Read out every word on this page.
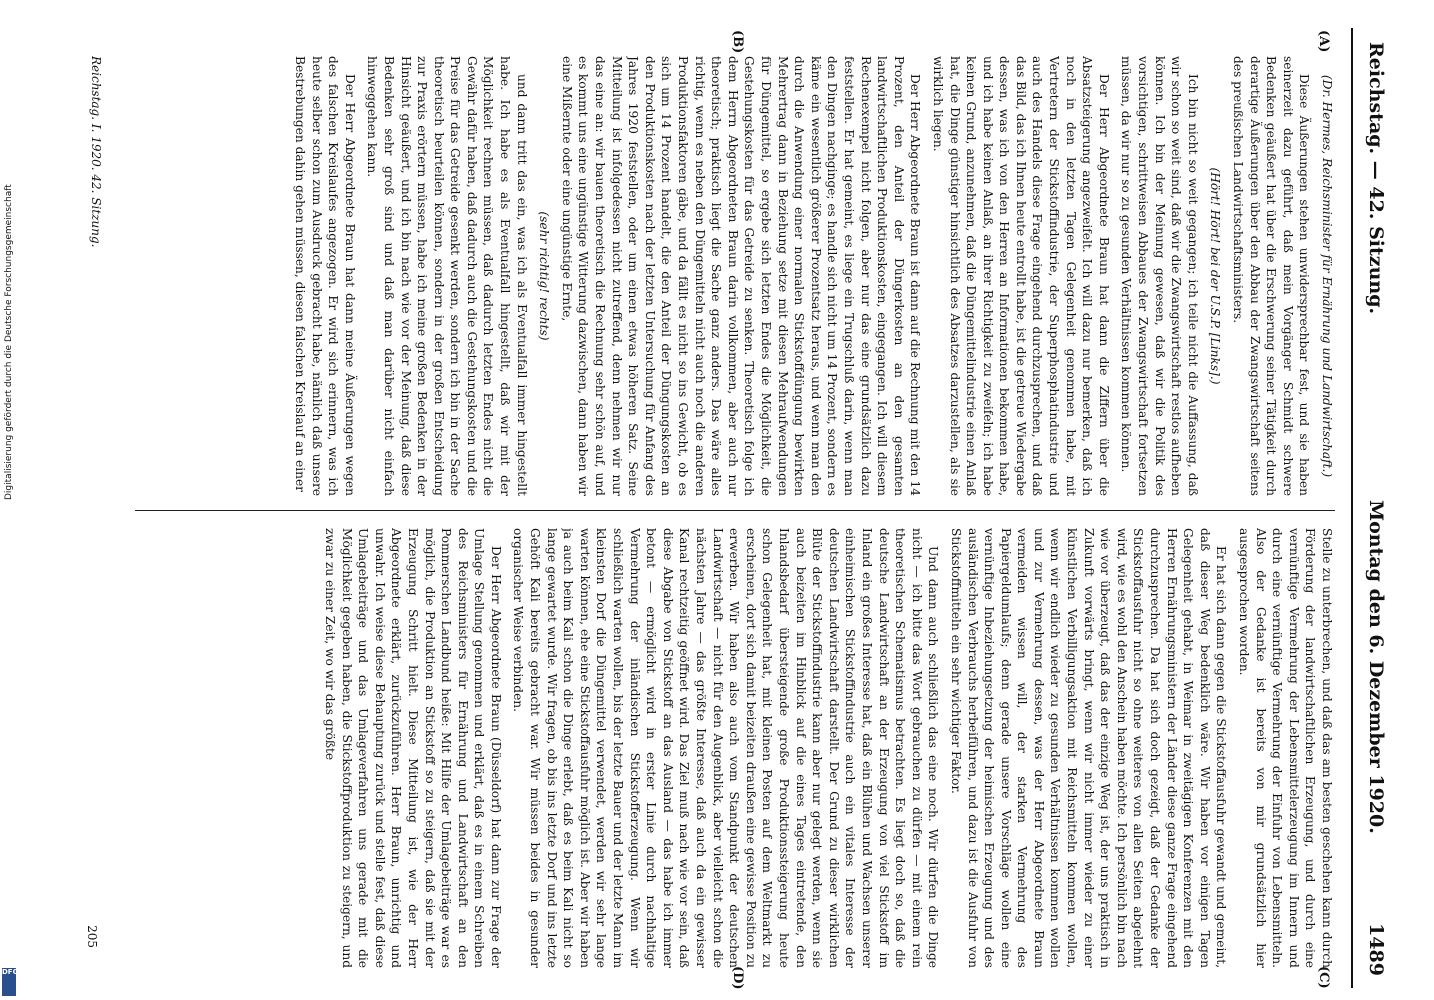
Digitalisierung gefördert durch die Deutsche Forschungsgemeinschaft
DFG
Reichstag. — 42. Sitzung.
Montag den 6. Dezember 1920.      1489
(A)
(B)
(C)
(D)

(Dr. Hermes, Reichsminister für Ernährung und Landwirtschaft.)

Diese Äußerungen stehen unwidersprechbar fest, und sie haben seinerzeit dazu geführt, daß mein Vorgänger Schmidt schwere Bedenken geäußert hat über die Erschwerung seiner Tätigkeit durch derartige Äußerungen über den Abbau der Zwangswirtschaft seitens des preußischen Landwirtschaftsministers.

(Hört! Hört! bei der U.S.P. [Links].)

Ich bin nicht so weit gegangen; ich teile nicht die Auffassung, daß wir schon so weit sind, daß wir die Zwangswirtschaft restlos aufheben können. Ich bin der Meinung gewesen, daß wir die Politik des vorsichtigen, schrittweisen Abbaues der Zwangswirtschaft fortsetzen müssen, da wir nur so zu gesunden Verhältnissen kommen können.

Der Herr Abgeordnete Braun hat dann die Ziffern über die Absatzsteigerung angezweifelt. Ich will dazu nur bemerken, daß ich noch in den letzten Tagen Gelegenheit genommen habe, mit Vertretern der Stickstoffindustrie, der Superphosphatindustrie und auch des Handels diese Frage eingehend durchzusprechen, und daß das Bild, das ich Ihnen heute entrollt habe, ist die getreue Wiedergabe dessen, was ich von den Herren an Informationen bekommen habe, und ich habe keinen Anlaß, an ihrer Richtigkeit zu zweifeln; ich habe keinen Grund, anzunehmen, daß die Düngemittelindustrie einen Anlaß hat, die Dinge günstiger hinsichtlich des Absatzes darzustellen, als sie wirklich liegen.

Der Herr Abgeordnete Braun ist dann auf die Rechnung mit den 14 Prozent, den Anteil der Düngerkosten an den gesamten landwirtschaftlichen Produktionskosten, eingegangen. Ich will diesem Rechenexempel nicht folgen, aber nur das eine grundsätzlich dazu feststellen. Er hat gemeint, es liege ein Trugschluß darin, wenn man den Dingen nachginge; es handle sich nicht um 14 Prozent, sondern es käme ein wesentlich größerer Prozentsatz heraus, und wenn man den durch die Anwendung einer normalen Stickstoffdüngung bewirkten Mehrertrag dann in Beziehung setze mit diesen Mehraufwendungen für Düngemittel, so ergebe sich letzten Endes die Möglichkeit, die Gestehungskosten für das Getreide zu senken. Theoretisch folge ich dem Herrn Abgeordneten Braun darin vollkommen, aber auch nur theoretisch; praktisch liegt die Sache ganz anders. Das wäre alles richtig, wenn es neben den Düngemitteln nicht auch noch die anderen Produktionsfaktoren gäbe, und da fällt es nicht so ins Gewicht, ob es sich um 14 Prozent handelt, die den Anteil der Düngungskosten an den Produktionskosten nach der letzten Untersuchung für Anfang des Jahres 1920 feststellen, oder um einen etwas höheren Satz. Seine Mitteilung ist infolgedessen nicht zutreffend, denn nehmen wir nur das eine an: wir bauen theoretisch die Rechnung sehr schön auf, und es kommt uns eine ungünstige Witterung dazwischen, dann haben wir eine Mißernte oder eine ungünstige Ernte,

(sehr richtig! rechts)

und dann tritt das ein, was ich als Eventualfall immer hingestellt habe. Ich habe es als Eventualfall hingestellt, daß wir mit der Möglichkeit rechnen müssen, daß dadurch letzten Endes nicht die Gewähr dafür haben, daß dadurch auch die Gestehungskosten und die Preise für das Getreide gesenkt werden, sondern ich bin in der Sache theoretisch beurteilen können, sondern in der großen Entscheidung zur Praxis erörtern müssen, habe ich meine großen Bedenken in der Hinsicht geäußert, und ich bin nach wie vor der Meinung, daß diese Bedenken sehr groß sind und daß man darüber nicht einfach hinweggehen kann.

Der Herr Abgeordnete Braun hat dann meine Äußerungen wegen des falschen Kreislaufes angezogen. Er wird sich erinnern, was ich heute selber schon zum Ausdruck gebracht habe, nämlich daß unsere Bestrebungen dahin gehen müssen, diesen falschen Kreislauf an einer

Stelle zu unterbrechen, und daß das am besten geschehen kann durch Förderung der landwirtschaftlichen Erzeugung, und durch eine vernünftige Vermehrung der Lebensmittelerzeugung im Innern und durch eine vernünftige Vermehrung der Einfuhr von Lebensmitteln. Also der Gedanke ist bereits von mir grundsätzlich hier ausgesprochen worden.

Er hat sich dann gegen die Stickstoffausfuhr gewandt und gemeint, daß dieser Weg bedenklich wäre. Wir haben vor einigen Tagen Gelegenheit gehabt, in Weimar in zweitägigen Konferenzen mit den Herren Ernährungsministern der Länder diese ganze Frage eingehend durchzusprechen. Da hat sich doch gezeigt, daß der Gedanke der Stickstoffausfuhr nicht so ohne weiteres von allen Seiten abgelehnt wird, wie es wohl den Anschein haben möchte. Ich persönlich bin nach wie vor überzeugt, daß das der einzige Weg ist, der uns praktisch in Zukunft vorwärts bringt, wenn wir nicht immer wieder zu einer künstlichen Verbilligungsaktion mit Reichsmitteln kommen wollen, wenn wir endlich wieder zu gesunden Verhältnissen kommen wollen und zur Vermehrung dessen, was der Herr Abgeordnete Braun vermeiden wissen will, der starken Vermehrung des Papiergeldumlaufs; denn gerade unsere Vorschläge wollen eine vernünftige Inbeziehungsetzung der heimischen Erzeugung und des ausländischen Verbrauchs herbeiführen, und dazu ist die Ausfuhr von Stickstoffmitteln ein sehr wichtiger Faktor.

Und dann auch schließlich das eine noch. Wir dürfen die Dinge nicht — ich bitte das Wort gebrauchen zu dürfen — mit einem rein theoretischen Schematismus betrachten. Es liegt doch so, daß die deutsche Landwirtschaft an der Erzeugung von viel Stickstoff im Inland ein großes Interesse hat, daß ein Blühen und Wachsen unserer einheimischen Stickstoffindustrie auch ein vitales Interesse der deutschen Landwirtschaft darstellt. Der Grund zu dieser wirklichen Blüte der Stickstoffindustrie kann aber nur gelegt werden, wenn sie auch beizeiten im Hinblick auf die eines Tages eintretende, den Inlandsbedarf übersteigende große Produktionssteigerung heute schon Gelegenheit hat, mit kleinen Posten auf dem Weltmarkt zu erscheinen, dort sich damit beizeiten draußen eine gewisse Position zu erwerben. Wir haben also auch vom Standpunkt der deutschen Landwirtschaft — nicht für den Augenblick, aber vielleicht schon die nächsten Jahre — das größte Interesse, daß auch da ein gewisser Kanal rechtzeitig geöffnet wird. Das Ziel muß nach wie vor sein, daß diese Abgabe von Stickstoff an das Ausland — das habe ich immer betont — ermöglicht wird in erster Linie durch nachhaltige Vermehrung der inländischen Stickstofferzeugung. Wenn wir schließlich warten wollen, bis der letzte Bauer und der letzte Mann im kleinsten Dorf die Düngemittel verwendet, werden wir sehr lange warten können, ehe eine Stickstoffausfuhr möglich ist. Aber wir haben ja auch beim Kali schon die Dinge erlebt, daß es beim Kali nicht so lange gewartet wurde. Wir fragen, ob bis ins letzte Dorf und ins letzte Gehöft Kali bereits gebracht war. Wir müssen beides in gesunder organischer Weise verbinden.

Der Herr Abgeordnete Braun (Düsseldorf) hat dann zur Frage der Umlage Stellung genommen und erklärt, daß es in einem Schreiben des Reichsministers für Ernährung und Landwirtschaft an den Pommerschen Landbund heiße: Mit Hilfe der Umlagebeiträge war es möglich, die Produktion an Stickstoff so zu steigern, daß sie mit der Erzeugung Schritt hielt. Diese Mitteilung ist, wie der Herr Abgeordnete erklärt, zurückzuführen. Herr Braun, unrichtig und unwahr. Ich weise diese Behauptung zurück und stelle fest, daß diese Umlagebeiträge und das Umlageverfahren uns gerade mit die Möglichkeit gegeben haben, die Stickstoffproduktion zu steigern, und zwar zu einer Zeit, wo wir das größte

Reichstag. I. 1920. 42. Sitzung.
205
